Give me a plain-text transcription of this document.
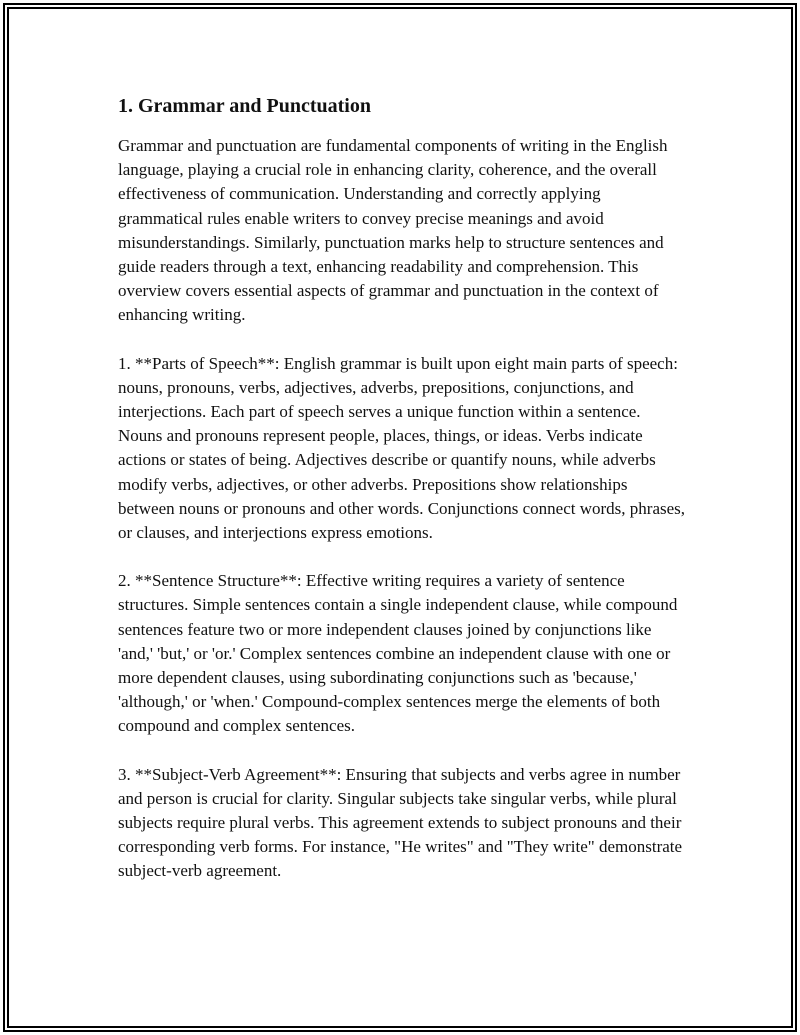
1. Grammar and Punctuation

Grammar and punctuation are fundamental components of writing in the English language, playing a crucial role in enhancing clarity, coherence, and the overall effectiveness of communication. Understanding and correctly applying grammatical rules enable writers to convey precise meanings and avoid misunderstandings. Similarly, punctuation marks help to structure sentences and guide readers through a text, enhancing readability and comprehension. This overview covers essential aspects of grammar and punctuation in the context of enhancing writing.

1. **Parts of Speech**: English grammar is built upon eight main parts of speech: nouns, pronouns, verbs, adjectives, adverbs, prepositions, conjunctions, and interjections. Each part of speech serves a unique function within a sentence. Nouns and pronouns represent people, places, things, or ideas. Verbs indicate actions or states of being. Adjectives describe or quantify nouns, while adverbs modify verbs, adjectives, or other adverbs. Prepositions show relationships between nouns or pronouns and other words. Conjunctions connect words, phrases, or clauses, and interjections express emotions.

2. **Sentence Structure**: Effective writing requires a variety of sentence structures. Simple sentences contain a single independent clause, while compound sentences feature two or more independent clauses joined by conjunctions like 'and,' 'but,' or 'or.' Complex sentences combine an independent clause with one or more dependent clauses, using subordinating conjunctions such as 'because,' 'although,' or 'when.' Compound-complex sentences merge the elements of both compound and complex sentences.

3. **Subject-Verb Agreement**: Ensuring that subjects and verbs agree in number and person is crucial for clarity. Singular subjects take singular verbs, while plural subjects require plural verbs. This agreement extends to subject pronouns and their corresponding verb forms. For instance, "He writes" and "They write" demonstrate subject-verb agreement.
